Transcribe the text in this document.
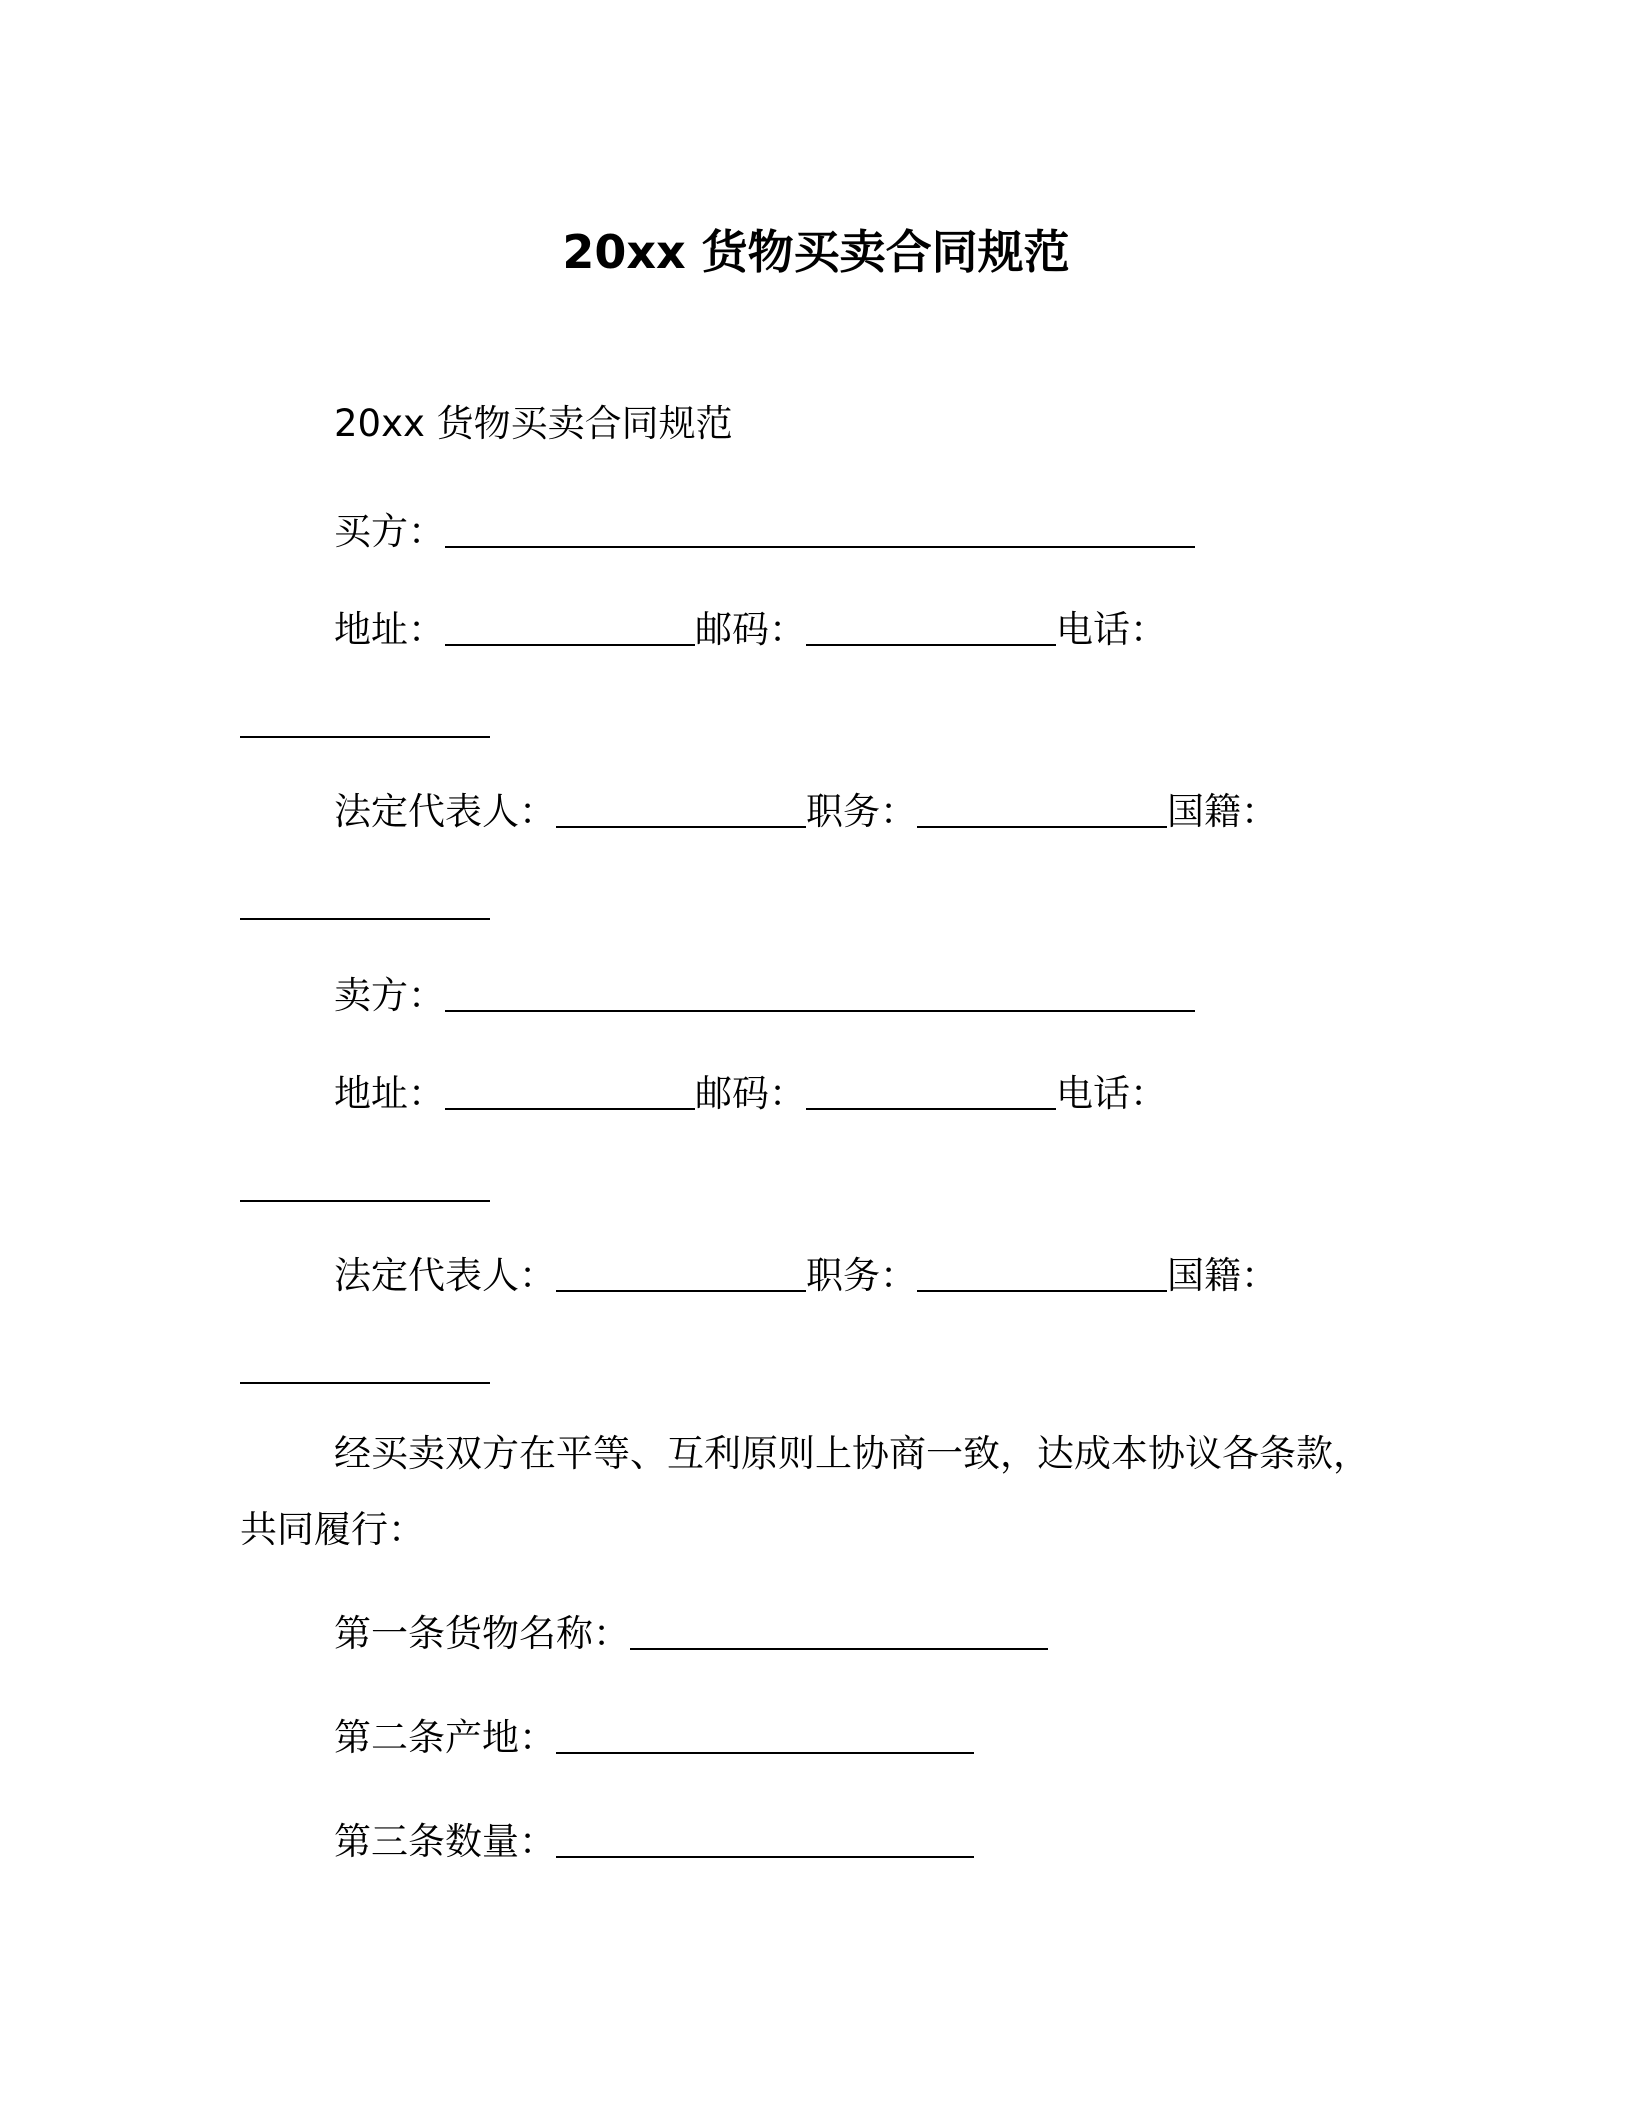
20xx 货物买卖合同规范
20xx 货物买卖合同规范
买方：
地址：	邮码：	电话：
法定代表人：	职务：	国籍：
卖方：
地址：	邮码：	电话：
法定代表人：	职务：	国籍：
经买卖双方在平等、互利原则上协商一致，达成本协议各条款，
共同履行：
第一条货物名称：
第二条产地：
第三条数量：
